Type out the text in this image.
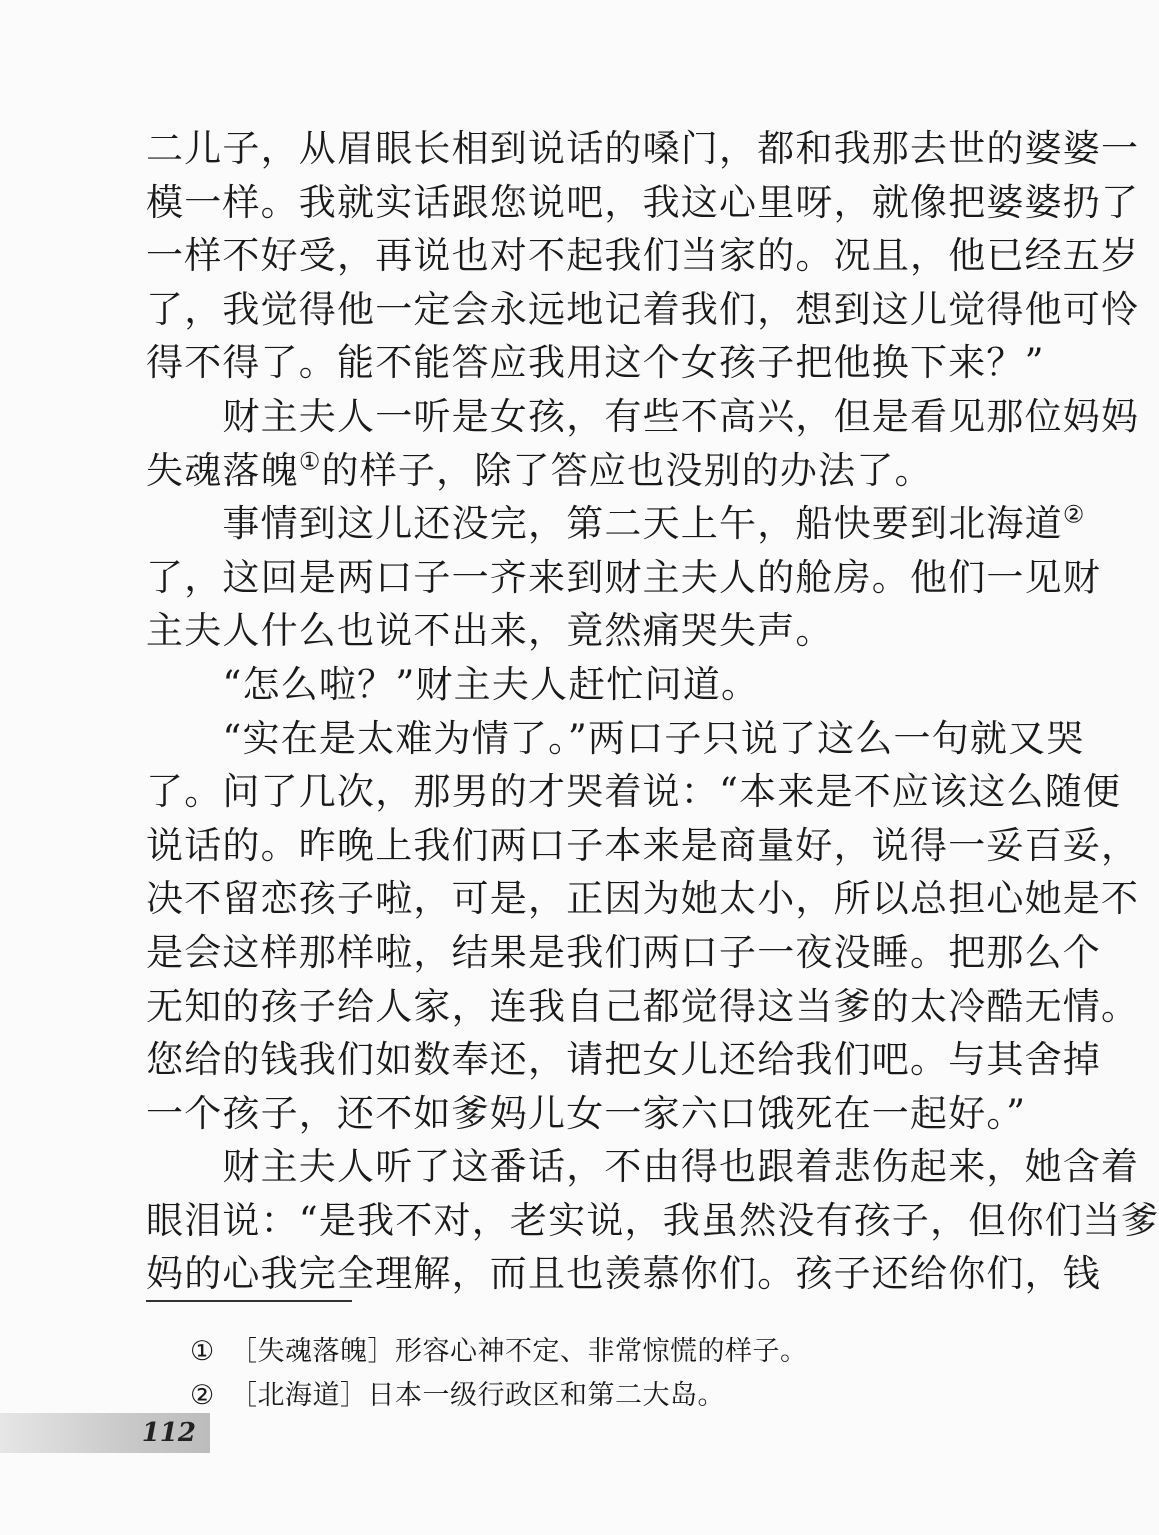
二儿子，从眉眼长相到说话的嗓门，都和我那去世的婆婆一
模一样。我就实话跟您说吧，我这心里呀，就像把婆婆扔了
一样不好受，再说也对不起我们当家的。况且，他已经五岁
了，我觉得他一定会永远地记着我们，想到这儿觉得他可怜
得不得了。能不能答应我用这个女孩子把他换下来？”
　　财主夫人一听是女孩，有些不高兴，但是看见那位妈妈
失魂落魄①的样子，除了答应也没别的办法了。
　　事情到这儿还没完，第二天上午，船快要到北海道②
了，这回是两口子一齐来到财主夫人的舱房。他们一见财
主夫人什么也说不出来，竟然痛哭失声。
　　“怎么啦？”财主夫人赶忙问道。
　　“实在是太难为情了。”两口子只说了这么一句就又哭
了。问了几次，那男的才哭着说：“本来是不应该这么随便
说话的。昨晚上我们两口子本来是商量好，说得一妥百妥，
决不留恋孩子啦，可是，正因为她太小，所以总担心她是不
是会这样那样啦，结果是我们两口子一夜没睡。把那么个
无知的孩子给人家，连我自己都觉得这当爹的太冷酷无情。
您给的钱我们如数奉还，请把女儿还给我们吧。与其舍掉
一个孩子，还不如爹妈儿女一家六口饿死在一起好。”
　　财主夫人听了这番话，不由得也跟着悲伤起来，她含着
眼泪说：“是我不对，老实说，我虽然没有孩子，但你们当爹
妈的心我完全理解，而且也羡慕你们。孩子还给你们，钱
① ［失魂落魄］形容心神不定、非常惊慌的样子。
② ［北海道］日本一级行政区和第二大岛。
112
